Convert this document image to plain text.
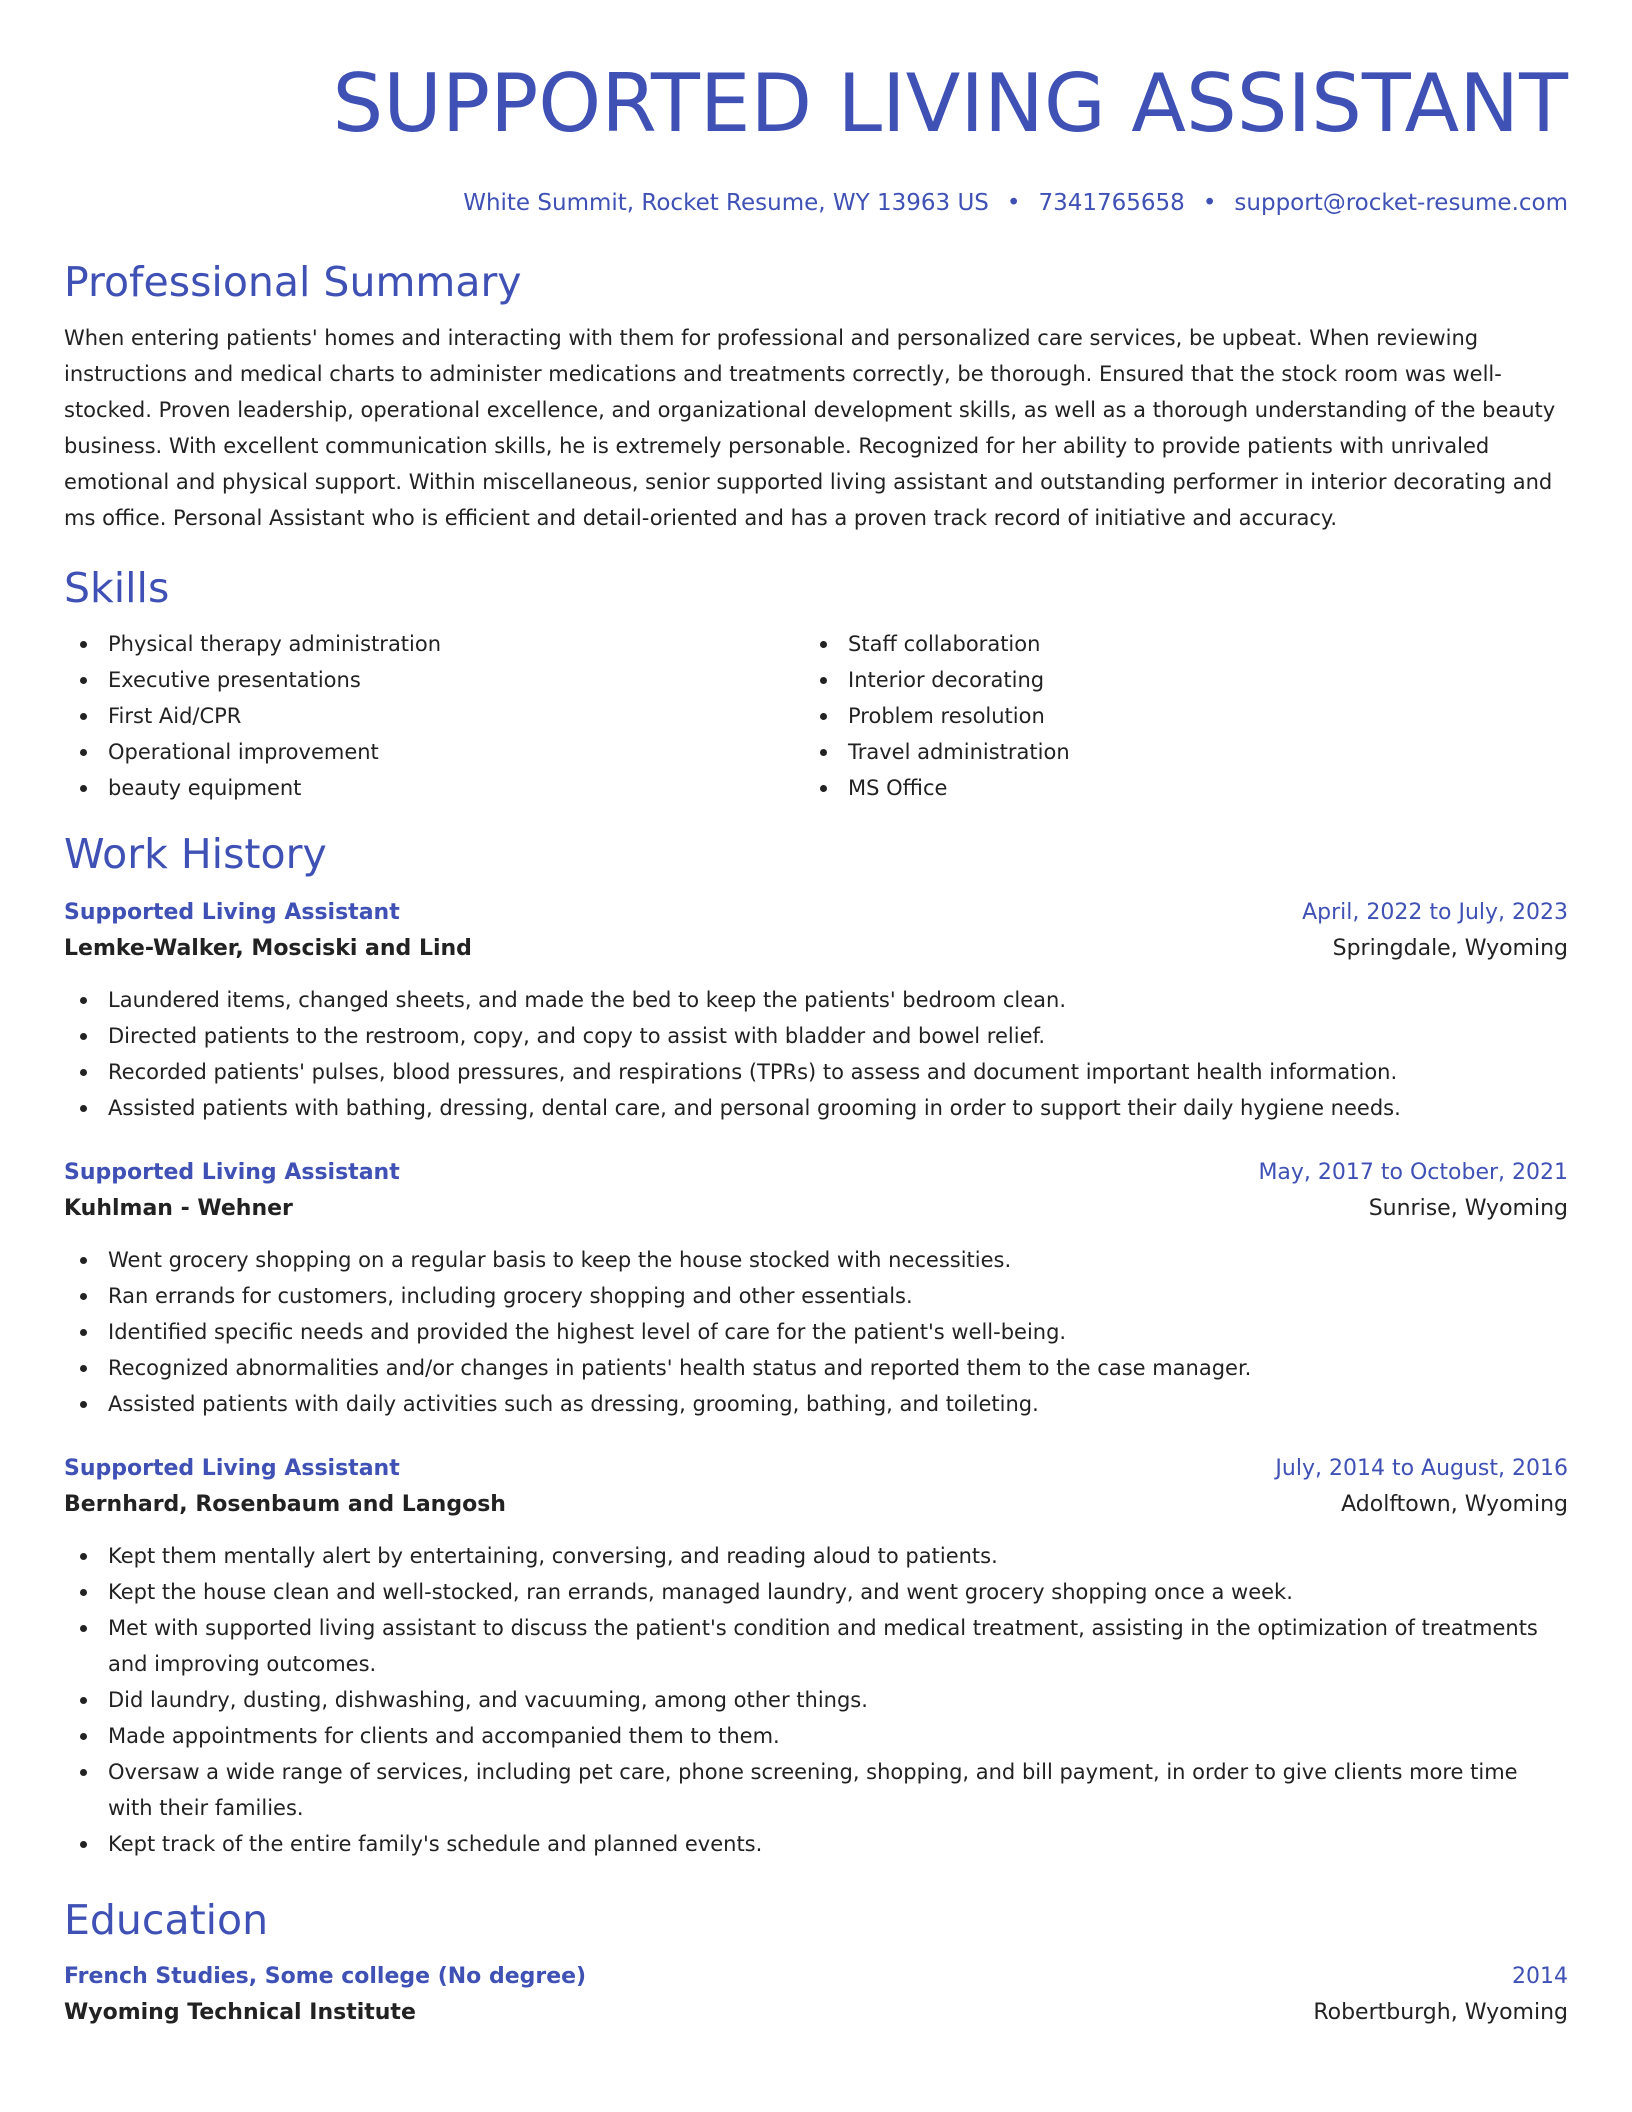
SUPPORTED LIVING ASSISTANT
White Summit, Rocket Resume, WY 13963 US • 7341765658 • support@rocket-resume.com
Professional Summary

When entering patients' homes and interacting with them for professional and personalized care services, be upbeat. When reviewing instructions and medical charts to administer medications and treatments correctly, be thorough. Ensured that the stock room was well-stocked. Proven leadership, operational excellence, and organizational development skills, as well as a thorough understanding of the beauty business. With excellent communication skills, he is extremely personable. Recognized for her ability to provide patients with unrivaled emotional and physical support. Within miscellaneous, senior supported living assistant and outstanding performer in interior decorating and ms office. Personal Assistant who is efficient and detail-oriented and has a proven track record of initiative and accuracy.

Skills
Physical therapy administration
Executive presentations
First Aid/CPR
Operational improvement
beauty equipment
Staff collaboration
Interior decorating
Problem resolution
Travel administration
MS Office
Work History
Supported Living Assistant	April, 2022 to July, 2023
Lemke-Walker, Mosciski and Lind	Springdale, Wyoming
Laundered items, changed sheets, and made the bed to keep the patients' bedroom clean.
Directed patients to the restroom, copy, and copy to assist with bladder and bowel relief.
Recorded patients' pulses, blood pressures, and respirations (TPRs) to assess and document important health information.
Assisted patients with bathing, dressing, dental care, and personal grooming in order to support their daily hygiene needs.
Supported Living Assistant	May, 2017 to October, 2021
Kuhlman - Wehner	Sunrise, Wyoming
Went grocery shopping on a regular basis to keep the house stocked with necessities.
Ran errands for customers, including grocery shopping and other essentials.
Identified specific needs and provided the highest level of care for the patient's well-being.
Recognized abnormalities and/or changes in patients' health status and reported them to the case manager.
Assisted patients with daily activities such as dressing, grooming, bathing, and toileting.
Supported Living Assistant	July, 2014 to August, 2016
Bernhard, Rosenbaum and Langosh	Adolftown, Wyoming
Kept them mentally alert by entertaining, conversing, and reading aloud to patients.
Kept the house clean and well-stocked, ran errands, managed laundry, and went grocery shopping once a week.
Met with supported living assistant to discuss the patient's condition and medical treatment, assisting in the optimization of treatments and improving outcomes.
Did laundry, dusting, dishwashing, and vacuuming, among other things.
Made appointments for clients and accompanied them to them.
Oversaw a wide range of services, including pet care, phone screening, shopping, and bill payment, in order to give clients more time with their families.
Kept track of the entire family's schedule and planned events.
Education
French Studies, Some college (No degree)	2014
Wyoming Technical Institute	Robertburgh, Wyoming
